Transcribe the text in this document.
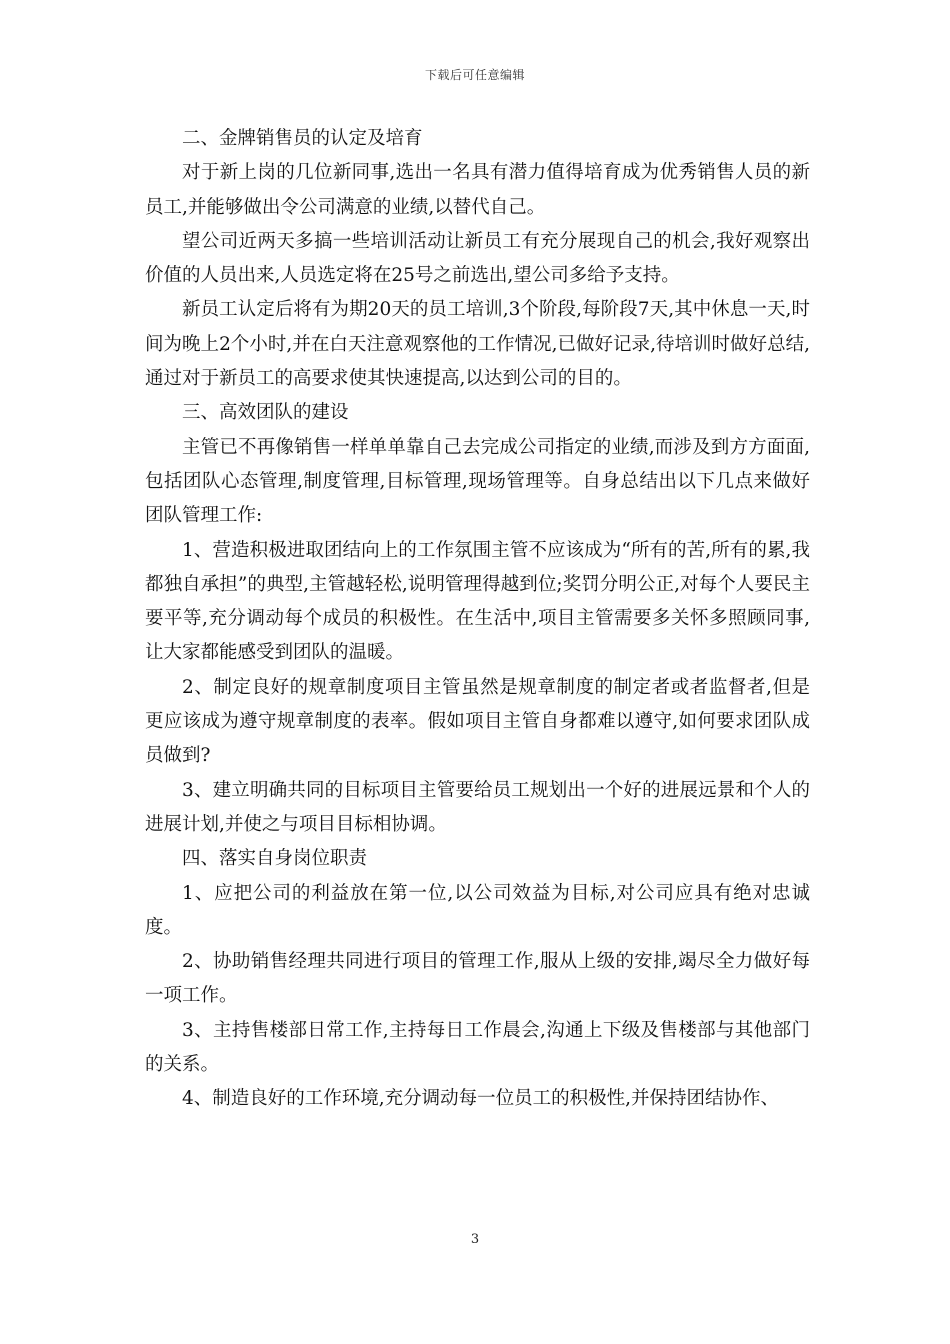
下载后可任意编辑

二、金牌销售员的认定及培育

对于新上岗的几位新同事,选出一名具有潜力值得培育成为优秀销售人员的新员工,并能够做出令公司满意的业绩,以替代自己。

望公司近两天多搞一些培训活动让新员工有充分展现自己的机会,我好观察出价值的人员出来,人员选定将在25号之前选出,望公司多给予支持。

新员工认定后将有为期20天的员工培训,3个阶段,每阶段7天,其中休息一天,时间为晚上2个小时,并在白天注意观察他的工作情况,已做好记录,待培训时做好总结,通过对于新员工的高要求使其快速提高,以达到公司的目的。

三、高效团队的建设

主管已不再像销售一样单单靠自己去完成公司指定的业绩,而涉及到方方面面,包括团队心态管理,制度管理,目标管理,现场管理等。自身总结出以下几点来做好团队管理工作:

1、营造积极进取团结向上的工作氛围主管不应该成为“所有的苦,所有的累,我都独自承担”的典型,主管越轻松,说明管理得越到位;奖罚分明公正,对每个人要民主要平等,充分调动每个成员的积极性。在生活中,项目主管需要多关怀多照顾同事,让大家都能感受到团队的温暖。

2、制定良好的规章制度项目主管虽然是规章制度的制定者或者监督者,但是更应该成为遵守规章制度的表率。假如项目主管自身都难以遵守,如何要求团队成员做到?

3、建立明确共同的目标项目主管要给员工规划出一个好的进展远景和个人的进展计划,并使之与项目目标相协调。

四、落实自身岗位职责

1、应把公司的利益放在第一位,以公司效益为目标,对公司应具有绝对忠诚度。

2、协助销售经理共同进行项目的管理工作,服从上级的安排,竭尽全力做好每一项工作。

3、主持售楼部日常工作,主持每日工作晨会,沟通上下级及售楼部与其他部门的关系。

4、制造良好的工作环境,充分调动每一位员工的积极性,并保持团结协作、

3
